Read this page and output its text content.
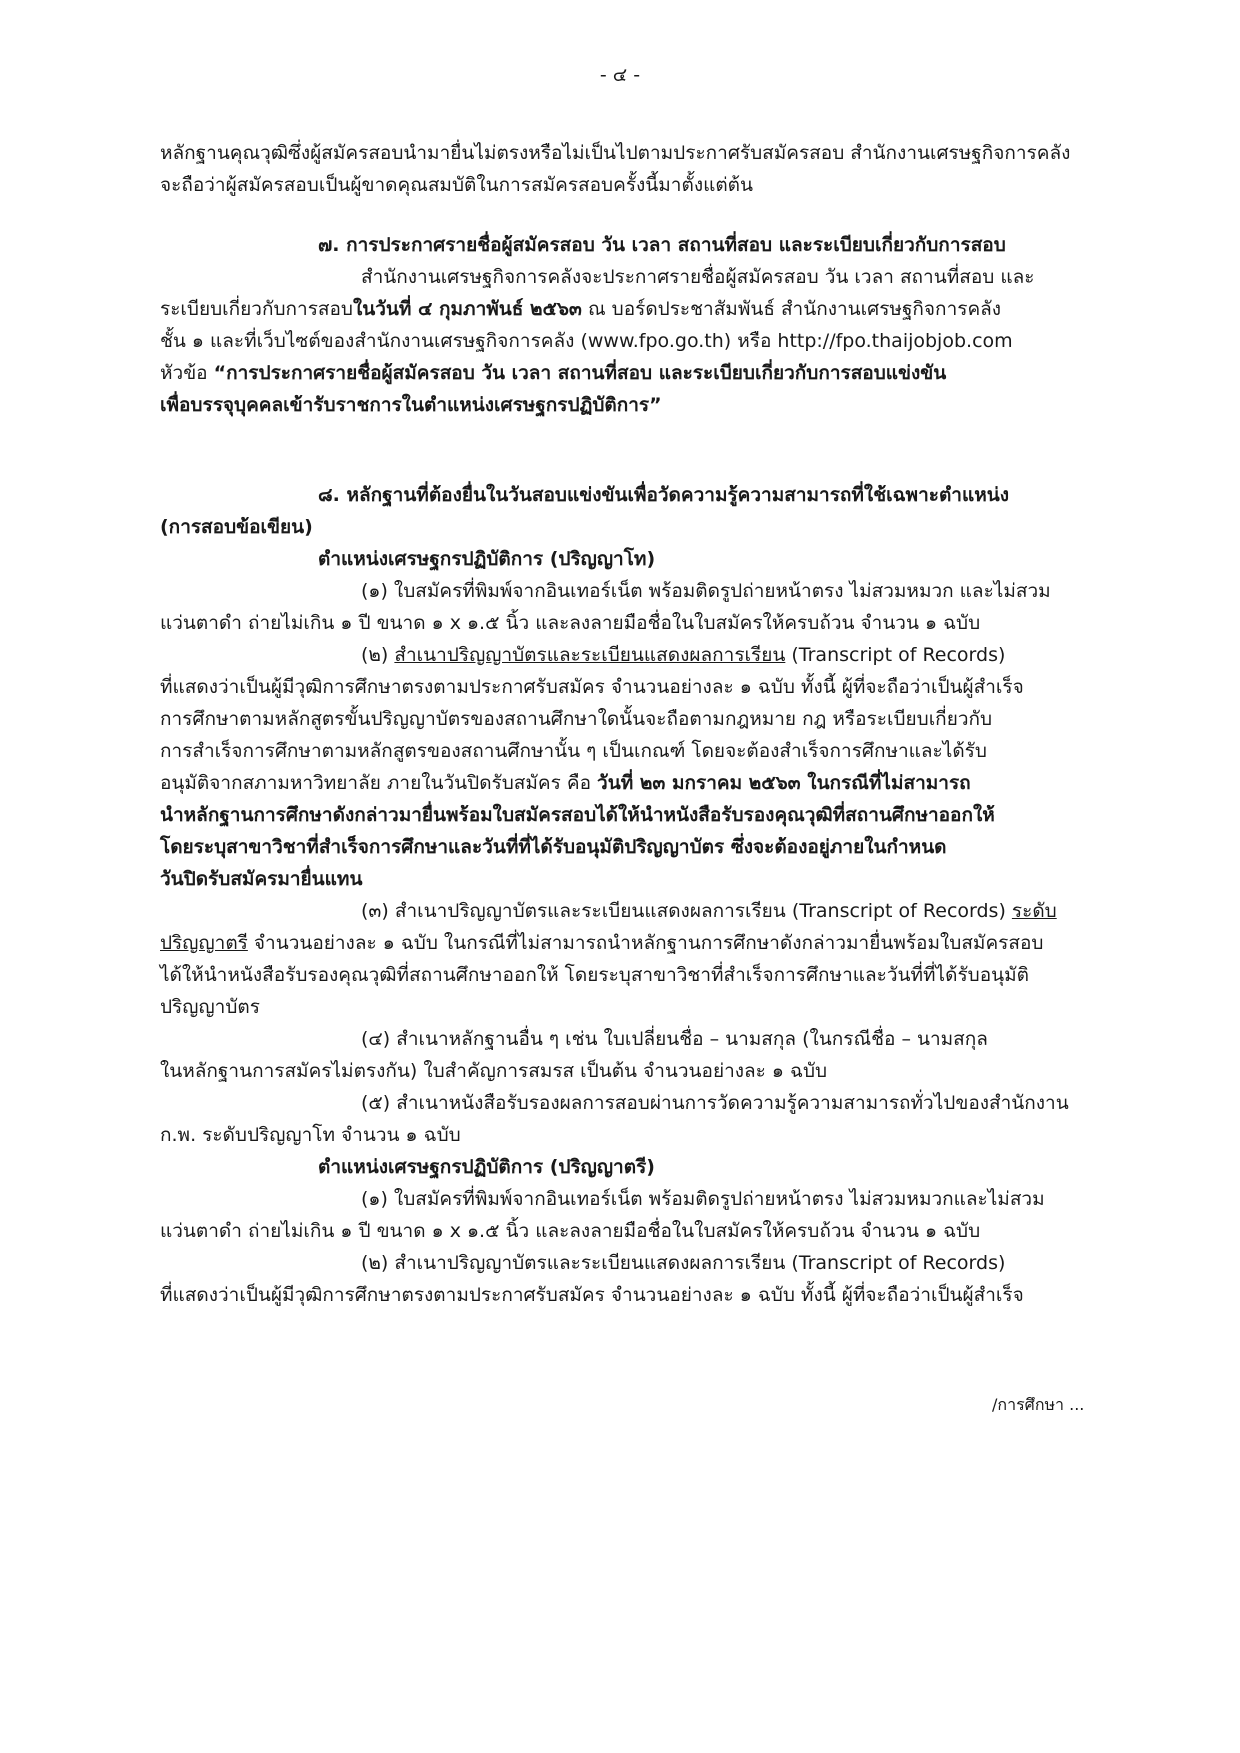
- ๔ -
หลักฐานคุณวุฒิซึ่งผู้สมัครสอบนำมายื่นไม่ตรงหรือไม่เป็นไปตามประกาศรับสมัครสอบ สำนักงานเศรษฐกิจการคลัง
จะถือว่าผู้สมัครสอบเป็นผู้ขาดคุณสมบัติในการสมัครสอบครั้งนี้มาตั้งแต่ต้น
๗. การประกาศรายชื่อผู้สมัครสอบ วัน เวลา สถานที่สอบ และระเบียบเกี่ยวกับการสอบ
สำนักงานเศรษฐกิจการคลังจะประกาศรายชื่อผู้สมัครสอบ วัน เวลา สถานที่สอบ และ
ระเบียบเกี่ยวกับการสอบในวันที่ ๔ กุมภาพันธ์ ๒๕๖๓ ณ บอร์ดประชาสัมพันธ์ สำนักงานเศรษฐกิจการคลัง
ชั้น ๑ และที่เว็บไซต์ของสำนักงานเศรษฐกิจการคลัง (www.fpo.go.th) หรือ http://fpo.thaijobjob.com
หัวข้อ “การประกาศรายชื่อผู้สมัครสอบ วัน เวลา สถานที่สอบ และระเบียบเกี่ยวกับการสอบแข่งขัน
เพื่อบรรจุบุคคลเข้ารับราชการในตำแหน่งเศรษฐกรปฏิบัติการ”
๘. หลักฐานที่ต้องยื่นในวันสอบแข่งขันเพื่อวัดความรู้ความสามารถที่ใช้เฉพาะตำแหน่ง
(การสอบข้อเขียน)
ตำแหน่งเศรษฐกรปฏิบัติการ (ปริญญาโท)
(๑) ใบสมัครที่พิมพ์จากอินเทอร์เน็ต พร้อมติดรูปถ่ายหน้าตรง ไม่สวมหมวก และไม่สวม
แว่นตาดำ ถ่ายไม่เกิน ๑ ปี ขนาด ๑ x ๑.๕ นิ้ว และลงลายมือชื่อในใบสมัครให้ครบถ้วน จำนวน ๑ ฉบับ
(๒) สำเนาปริญญาบัตรและระเบียนแสดงผลการเรียน (Transcript of Records)
ที่แสดงว่าเป็นผู้มีวุฒิการศึกษาตรงตามประกาศรับสมัคร จำนวนอย่างละ ๑ ฉบับ ทั้งนี้ ผู้ที่จะถือว่าเป็นผู้สำเร็จ
การศึกษาตามหลักสูตรขั้นปริญญาบัตรของสถานศึกษาใดนั้นจะถือตามกฎหมาย กฎ หรือระเบียบเกี่ยวกับ
การสำเร็จการศึกษาตามหลักสูตรของสถานศึกษานั้น ๆ เป็นเกณฑ์ โดยจะต้องสำเร็จการศึกษาและได้รับ
อนุมัติจากสภามหาวิทยาลัย ภายในวันปิดรับสมัคร คือ วันที่ ๒๓ มกราคม ๒๕๖๓ ในกรณีที่ไม่สามารถ
นำหลักฐานการศึกษาดังกล่าวมายื่นพร้อมใบสมัครสอบได้ให้นำหนังสือรับรองคุณวุฒิที่สถานศึกษาออกให้
โดยระบุสาขาวิชาที่สำเร็จการศึกษาและวันที่ที่ได้รับอนุมัติปริญญาบัตร ซึ่งจะต้องอยู่ภายในกำหนด
วันปิดรับสมัครมายื่นแทน
(๓) สำเนาปริญญาบัตรและระเบียนแสดงผลการเรียน (Transcript of Records) ระดับ
ปริญญาตรี จำนวนอย่างละ ๑ ฉบับ ในกรณีที่ไม่สามารถนำหลักฐานการศึกษาดังกล่าวมายื่นพร้อมใบสมัครสอบ
ได้ให้นำหนังสือรับรองคุณวุฒิที่สถานศึกษาออกให้ โดยระบุสาขาวิชาที่สำเร็จการศึกษาและวันที่ที่ได้รับอนุมัติ
ปริญญาบัตร
(๔) สำเนาหลักฐานอื่น ๆ เช่น ใบเปลี่ยนชื่อ – นามสกุล (ในกรณีชื่อ – นามสกุล
ในหลักฐานการสมัครไม่ตรงกัน) ใบสำคัญการสมรส เป็นต้น จำนวนอย่างละ ๑ ฉบับ
(๕) สำเนาหนังสือรับรองผลการสอบผ่านการวัดความรู้ความสามารถทั่วไปของสำนักงาน
ก.พ. ระดับปริญญาโท จำนวน ๑ ฉบับ
ตำแหน่งเศรษฐกรปฏิบัติการ (ปริญญาตรี)
(๑) ใบสมัครที่พิมพ์จากอินเทอร์เน็ต พร้อมติดรูปถ่ายหน้าตรง ไม่สวมหมวกและไม่สวม
แว่นตาดำ ถ่ายไม่เกิน ๑ ปี ขนาด ๑ x ๑.๕ นิ้ว และลงลายมือชื่อในใบสมัครให้ครบถ้วน จำนวน ๑ ฉบับ
(๒) สำเนาปริญญาบัตรและระเบียนแสดงผลการเรียน (Transcript of Records)
ที่แสดงว่าเป็นผู้มีวุฒิการศึกษาตรงตามประกาศรับสมัคร จำนวนอย่างละ ๑ ฉบับ ทั้งนี้ ผู้ที่จะถือว่าเป็นผู้สำเร็จ
/การศึกษา ...
